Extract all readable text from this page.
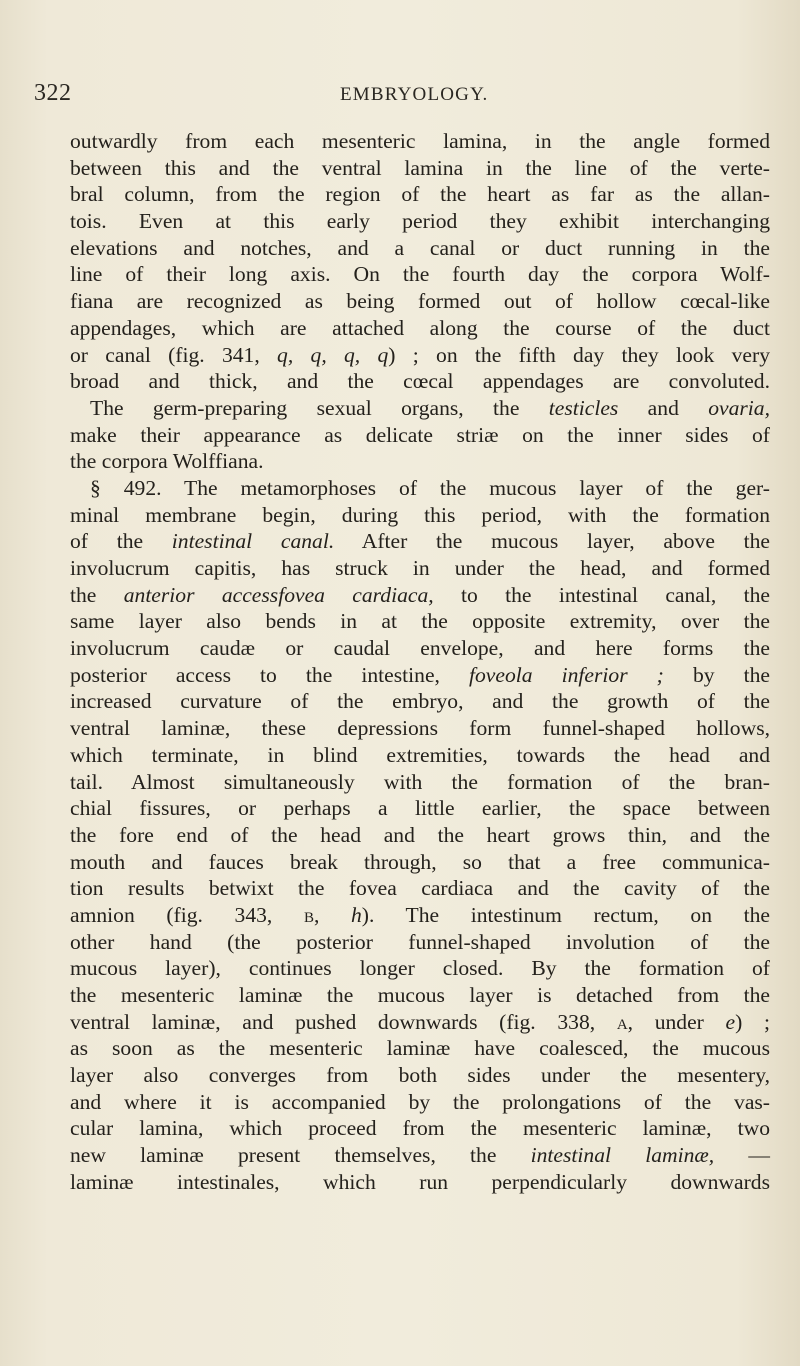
322	EMBRYOLOGY.
outwardly from each mesenteric lamina, in the angle formed
between this and the ventral lamina in the line of the verte-
bral column, from the region of the heart as far as the allan-
tois. Even at this early period they exhibit interchanging
elevations and notches, and a canal or duct running in the
line of their long axis. On the fourth day the corpora Wolf-
fiana are recognized as being formed out of hollow cœcal-like
appendages, which are attached along the course of the duct
or canal (fig. 341, q, q, q, q) ; on the fifth day they look very
broad and thick, and the cœcal appendages are convoluted.
The germ-preparing sexual organs, the testicles and ovaria,
make their appearance as delicate striæ on the inner sides of
the corpora Wolffiana.
§ 492. The metamorphoses of the mucous layer of the ger-
minal membrane begin, during this period, with the formation
of the intestinal canal. After the mucous layer, above the
involucrum capitis, has struck in under the head, and formed
the anterior accessfovea cardiaca, to the intestinal canal, the
same layer also bends in at the opposite extremity, over the
involucrum caudæ or caudal envelope, and here forms the
posterior access to the intestine, foveola inferior ; by the
increased curvature of the embryo, and the growth of the
ventral laminæ, these depressions form funnel-shaped hollows,
which terminate, in blind extremities, towards the head and
tail. Almost simultaneously with the formation of the bran-
chial fissures, or perhaps a little earlier, the space between
the fore end of the head and the heart grows thin, and the
mouth and fauces break through, so that a free communica-
tion results betwixt the fovea cardiaca and the cavity of the
amnion (fig. 343, b, h). The intestinum rectum, on the
other hand (the posterior funnel-shaped involution of the
mucous layer), continues longer closed. By the formation of
the mesenteric laminæ the mucous layer is detached from the
ventral laminæ, and pushed downwards (fig. 338, a, under e) ;
as soon as the mesenteric laminæ have coalesced, the mucous
layer also converges from both sides under the mesentery,
and where it is accompanied by the prolongations of the vas-
cular lamina, which proceed from the mesenteric laminæ, two
new laminæ present themselves, the intestinal laminæ, —
laminæ intestinales, which run perpendicularly downwards
